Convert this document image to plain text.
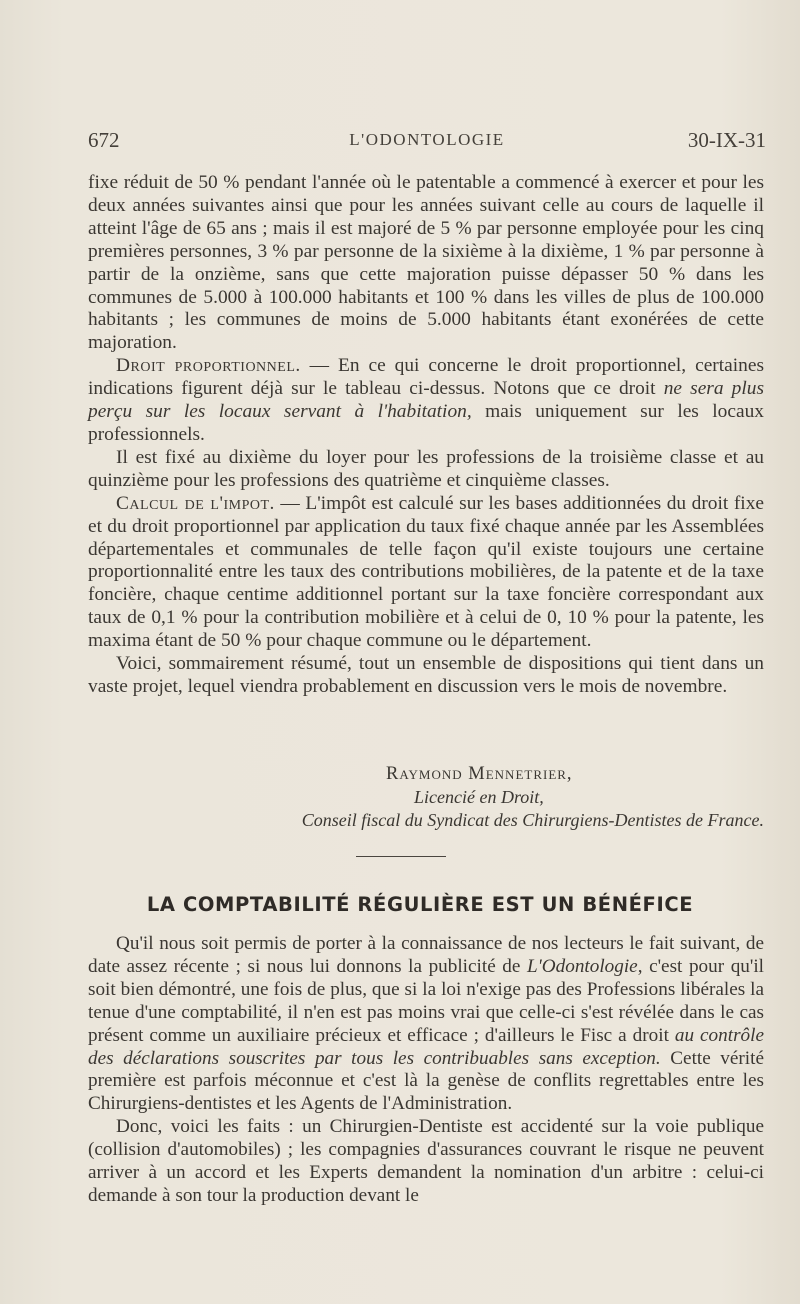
672	L'ODONTOLOGIE	30-IX-31

fixe réduit de 50 % pendant l'année où le patentable a commencé à exercer et pour les deux années suivantes ainsi que pour les années suivant celle au cours de laquelle il atteint l'âge de 65 ans ; mais il est majoré de 5 % par personne employée pour les cinq premières personnes, 3 % par personne de la sixième à la dixième, 1 % par personne à partir de la onzième, sans que cette majoration puisse dépasser 50 % dans les communes de 5.000 à 100.000 habitants et 100 % dans les villes de plus de 100.000 habitants ; les communes de moins de 5.000 habitants étant exonérées de cette majoration.

Droit proportionnel. — En ce qui concerne le droit proportionnel, certaines indications figurent déjà sur le tableau ci-dessus. Notons que ce droit ne sera plus perçu sur les locaux servant à l'habitation, mais uniquement sur les locaux professionnels.

Il est fixé au dixième du loyer pour les professions de la troisième classe et au quinzième pour les professions des quatrième et cinquième classes.

Calcul de l'impot. — L'impôt est calculé sur les bases additionnées du droit fixe et du droit proportionnel par application du taux fixé chaque année par les Assemblées départementales et communales de telle façon qu'il existe toujours une certaine proportionnalité entre les taux des contributions mobilières, de la patente et de la taxe foncière, chaque centime additionnel portant sur la taxe foncière correspondant aux taux de 0,1 % pour la contribution mobilière et à celui de 0, 10 % pour la patente, les maxima étant de 50 % pour chaque commune ou le département.

Voici, sommairement résumé, tout un ensemble de dispositions qui tient dans un vaste projet, lequel viendra probablement en discussion vers le mois de novembre.

Raymond Mennetrier,
Licencié en Droit,
Conseil fiscal du Syndicat des Chirurgiens-Dentistes de France.
LA COMPTABILITÉ RÉGULIÈRE EST UN BÉNÉFICE

Qu'il nous soit permis de porter à la connaissance de nos lecteurs le fait suivant, de date assez récente ; si nous lui donnons la publicité de L'Odontologie, c'est pour qu'il soit bien démontré, une fois de plus, que si la loi n'exige pas des Professions libérales la tenue d'une comptabilité, il n'en est pas moins vrai que celle-ci s'est révélée dans le cas présent comme un auxiliaire précieux et efficace ; d'ailleurs le Fisc a droit au contrôle des déclarations souscrites par tous les contribuables sans exception. Cette vérité première est parfois méconnue et c'est là la genèse de conflits regrettables entre les Chirurgiens-dentistes et les Agents de l'Administration.

Donc, voici les faits : un Chirurgien-Dentiste est accidenté sur la voie publique (collision d'automobiles) ; les compagnies d'assurances couvrant le risque ne peuvent arriver à un accord et les Experts demandent la nomination d'un arbitre : celui-ci demande à son tour la production devant le
